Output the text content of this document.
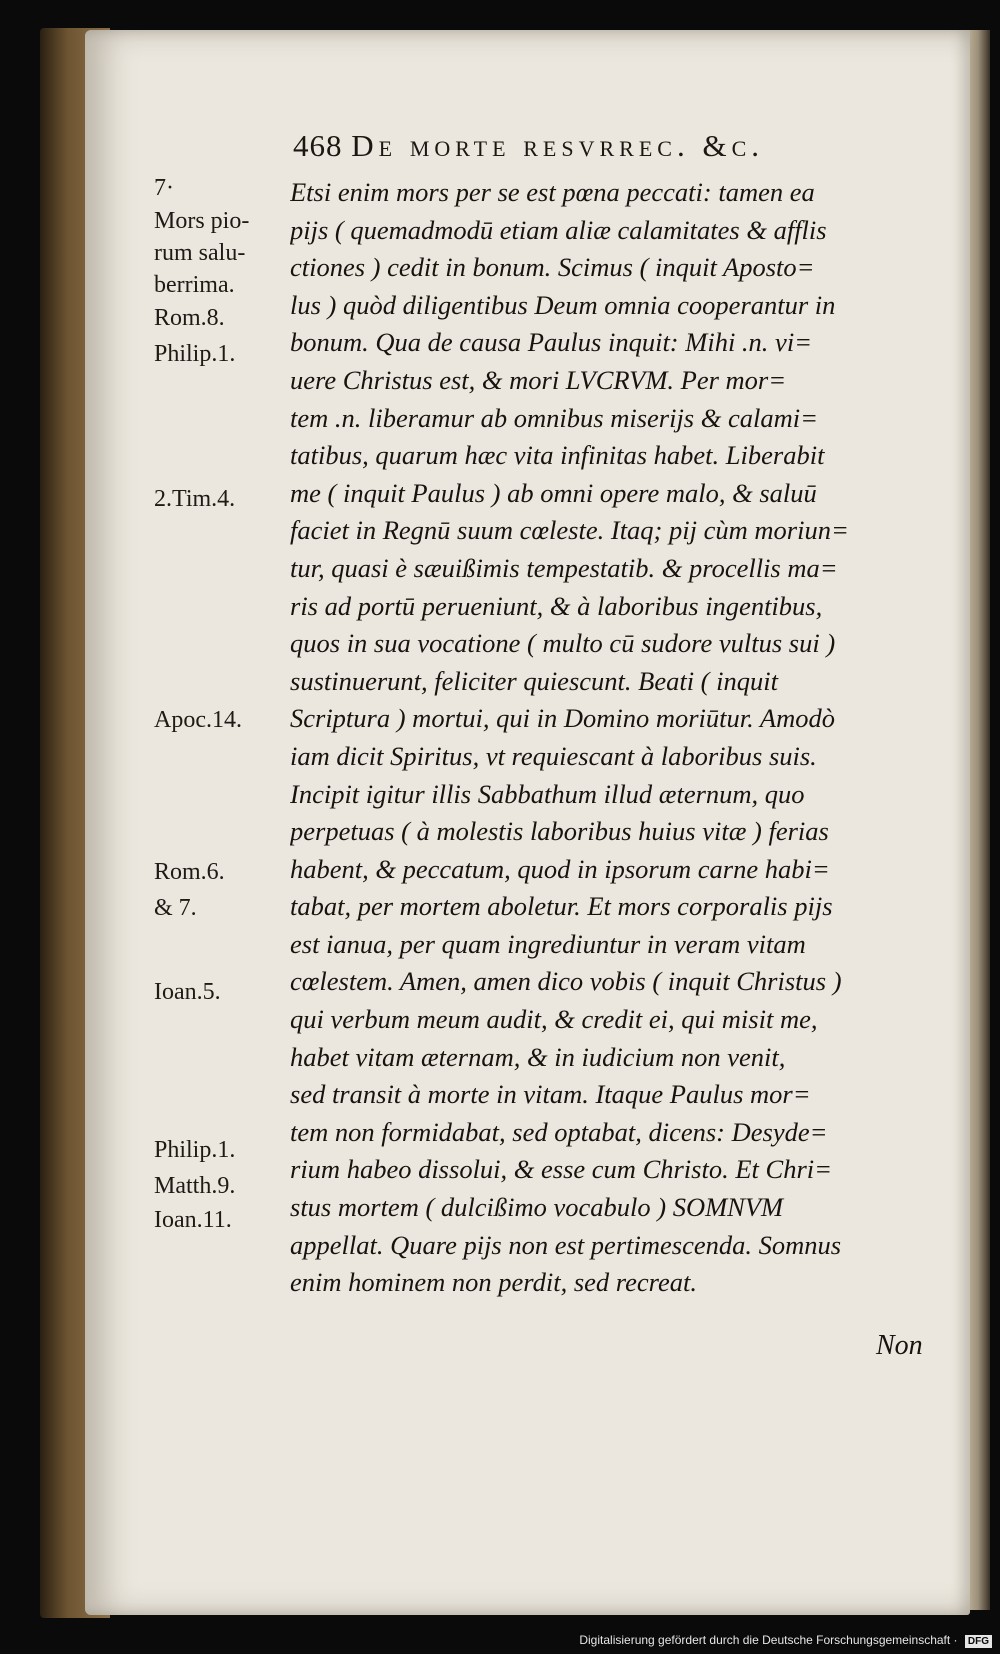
468 De morte resvrrec. &c.
7·
Mors pio-
rum salu-
berrima.
Rom.8.
Philip.1.
2.Tim.4.
Apoc.14.
Rom.6.
& 7.
Ioan.5.
Philip.1.
Matth.9.
Ioan.11.
Etsi enim mors per se est pœna peccati: tamen ea
pijs ( quemadmodū etiam aliæ calamitates & afflis
ctiones ) cedit in bonum. Scimus ( inquit Aposto=
lus ) quòd diligentibus Deum omnia cooperantur in
bonum. Qua de causa Paulus inquit: Mihi .n. vi=
uere Christus est, & mori LVCRVM. Per mor=
tem .n. liberamur ab omnibus miserijs & calami=
tatibus, quarum hæc vita infinitas habet. Liberabit
me ( inquit Paulus ) ab omni opere malo, & saluū
faciet in Regnū suum cœleste. Itaq; pij cùm moriun=
tur, quasi è sæuißimis tempestatib. & procellis ma=
ris ad portū perueniunt, & à laboribus ingentibus,
quos in sua vocatione ( multo cū sudore vultus sui )
sustinuerunt, feliciter quiescunt. Beati ( inquit
Scriptura ) mortui, qui in Domino moriūtur. Amodò
iam dicit Spiritus, vt requiescant à laboribus suis.
Incipit igitur illis Sabbathum illud æternum, quo
perpetuas ( à molestis laboribus huius vitæ ) ferias
habent, & peccatum, quod in ipsorum carne habi=
tabat, per mortem aboletur. Et mors corporalis pijs
est ianua, per quam ingrediuntur in veram vitam
cœlestem. Amen, amen dico vobis ( inquit Christus )
qui verbum meum audit, & credit ei, qui misit me,
habet vitam æternam, & in iudicium non venit,
sed transit à morte in vitam. Itaque Paulus mor=
tem non formidabat, sed optabat, dicens: Desyde=
rium habeo dissolui, & esse cum Christo. Et Chri=
stus mortem ( dulcißimo vocabulo ) SOMNVM
appellat. Quare pijs non est pertimescenda. Somnus
enim hominem non perdit, sed recreat.
Non
Digitalisierung gefördert durch die Deutsche Forschungsgemeinschaft · DFG
